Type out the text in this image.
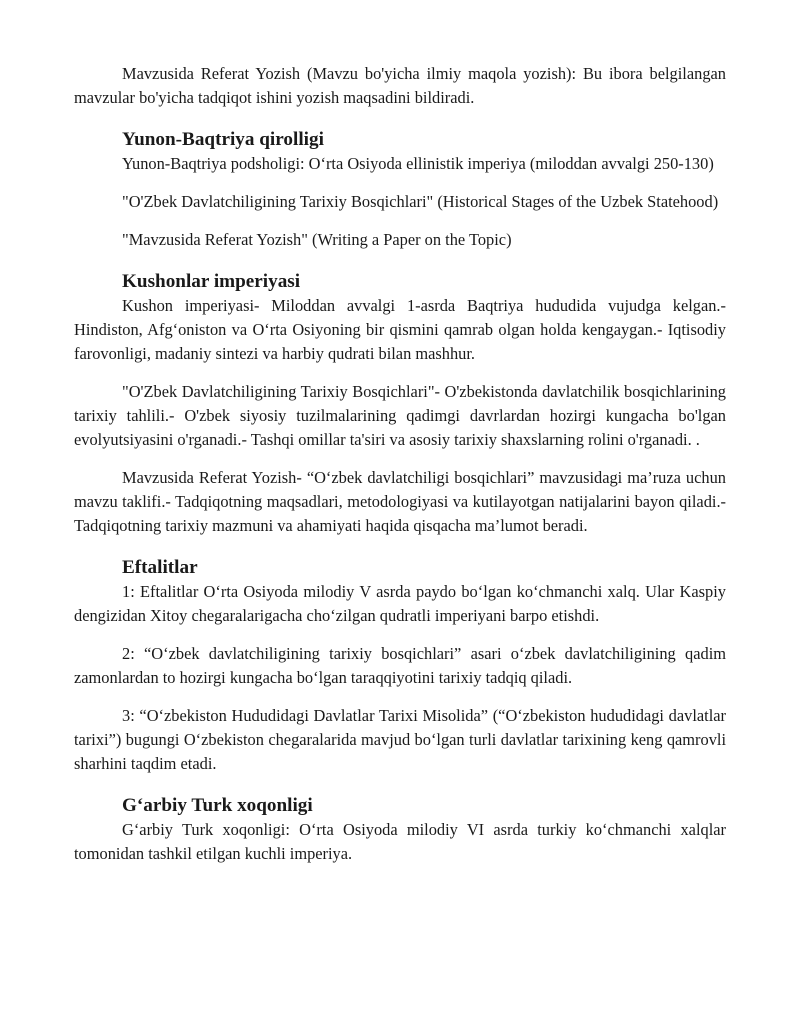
Mavzusida Referat Yozish (Mavzu bo'yicha ilmiy maqola yozish): Bu ibora belgilangan mavzular bo'yicha tadqiqot ishini yozish maqsadini bildiradi.

Yunon-Baqtriya qirolligi

Yunon-Baqtriya podsholigi: O‘rta Osiyoda ellinistik imperiya (miloddan avvalgi 250-130)

"O'Zbek Davlatchiligining Tarixiy Bosqichlari" (Historical Stages of the Uzbek Statehood)

"Mavzusida Referat Yozish" (Writing a Paper on the Topic)

Kushonlar imperiyasi

Kushon imperiyasi- Miloddan avvalgi 1-asrda Baqtriya hududida vujudga kelgan.- Hindiston, Afg‘oniston va O‘rta Osiyoning bir qismini qamrab olgan holda kengaygan.- Iqtisodiy farovonligi, madaniy sintezi va harbiy qudrati bilan mashhur.

"O'Zbek Davlatchiligining Tarixiy Bosqichlari"- O'zbekistonda davlatchilik bosqichlarining tarixiy tahlili.- O'zbek siyosiy tuzilmalarining qadimgi davrlardan hozirgi kungacha bo'lgan evolyutsiyasini o'rganadi.- Tashqi omillar ta'siri va asosiy tarixiy shaxslarning rolini o'rganadi. .

Mavzusida Referat Yozish- “O‘zbek davlatchiligi bosqichlari” mavzusidagi ma’ruza uchun mavzu taklifi.- Tadqiqotning maqsadlari, metodologiyasi va kutilayotgan natijalarini bayon qiladi.- Tadqiqotning tarixiy mazmuni va ahamiyati haqida qisqacha ma’lumot beradi.

Eftalitlar

1: Eftalitlar O‘rta Osiyoda milodiy V asrda paydo bo‘lgan ko‘chmanchi xalq. Ular Kaspiy dengizidan Xitoy chegaralarigacha cho‘zilgan qudratli imperiyani barpo etishdi.

2: “O‘zbek davlatchiligining tarixiy bosqichlari” asari o‘zbek davlatchiligining qadim zamonlardan to hozirgi kungacha bo‘lgan taraqqiyotini tarixiy tadqiq qiladi.

3: “O‘zbekiston Hududidagi Davlatlar Tarixi Misolida” (“O‘zbekiston hududidagi davlatlar tarixi”) bugungi O‘zbekiston chegaralarida mavjud bo‘lgan turli davlatlar tarixining keng qamrovli sharhini taqdim etadi.

G‘arbiy Turk xoqonligi

G‘arbiy Turk xoqonligi: O‘rta Osiyoda milodiy VI asrda turkiy ko‘chmanchi xalqlar tomonidan tashkil etilgan kuchli imperiya.
